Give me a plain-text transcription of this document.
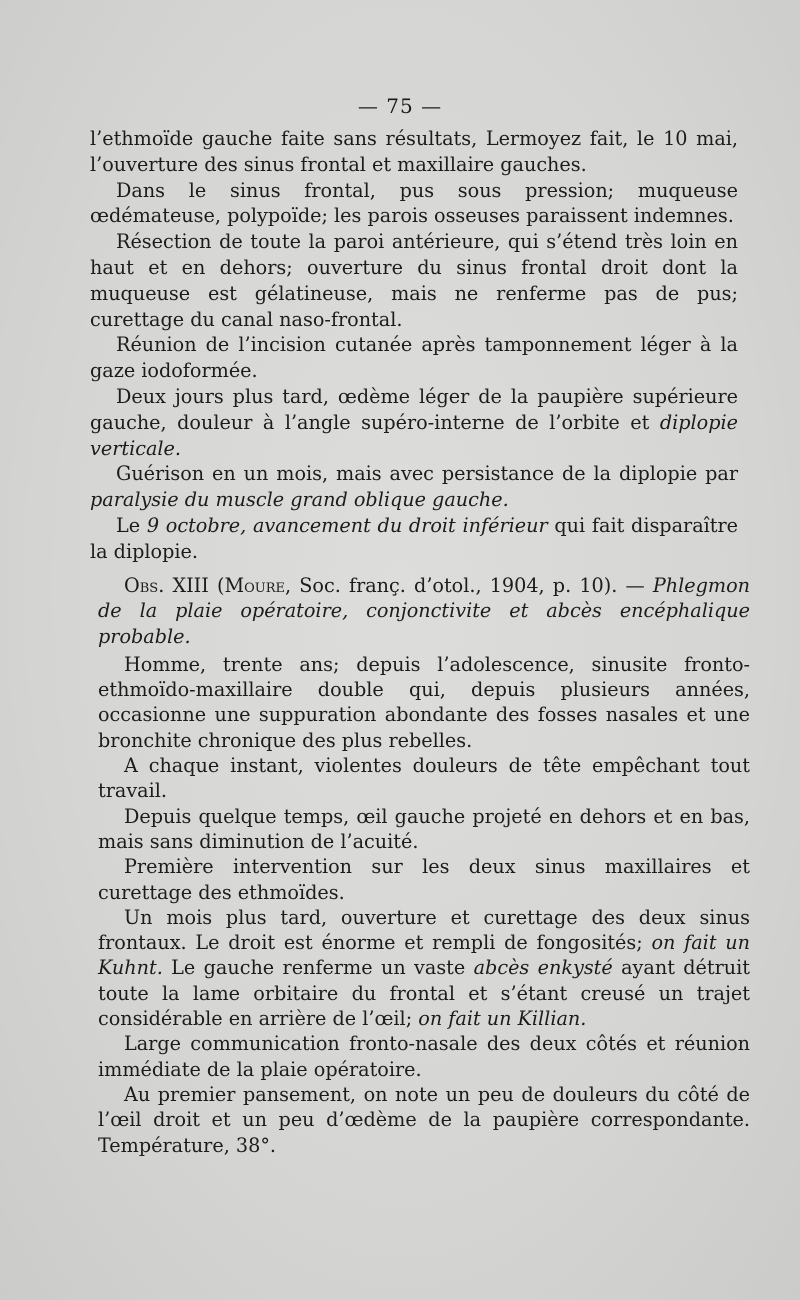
— 75 —

l’ethmoïde gauche faite sans résultats, Lermoyez fait, le 10 mai, l’ouverture des sinus frontal et maxillaire gauches.

Dans le sinus frontal, pus sous pression; muqueuse œdémateuse, polypoïde; les parois osseuses paraissent indemnes.

Résection de toute la paroi antérieure, qui s’étend très loin en haut et en dehors; ouverture du sinus frontal droit dont la muqueuse est gélatineuse, mais ne renferme pas de pus; curettage du canal naso-frontal.

Réunion de l’incision cutanée après tamponnement léger à la gaze iodoformée.

Deux jours plus tard, œdème léger de la paupière supérieure gauche, douleur à l’angle supéro-interne de l’orbite et diplopie verticale.

Guérison en un mois, mais avec persistance de la diplopie par paralysie du muscle grand oblique gauche.

Le 9 octobre, avancement du droit inférieur qui fait disparaître la diplopie.

Obs. XIII (Moure, Soc. franç. d’otol., 1904, p. 10). — Phlegmon de la plaie opératoire, conjonctivite et abcès encéphalique probable.

Homme, trente ans; depuis l’adolescence, sinusite fronto-ethmoïdo-maxillaire double qui, depuis plusieurs années, occasionne une suppuration abondante des fosses nasales et une bronchite chronique des plus rebelles.

A chaque instant, violentes douleurs de tête empêchant tout travail.

Depuis quelque temps, œil gauche projeté en dehors et en bas, mais sans diminution de l’acuité.

Première intervention sur les deux sinus maxillaires et curettage des ethmoïdes.

Un mois plus tard, ouverture et curettage des deux sinus frontaux. Le droit est énorme et rempli de fongosités; on fait un Kuhnt. Le gauche renferme un vaste abcès enkysté ayant détruit toute la lame orbitaire du frontal et s’étant creusé un trajet considérable en arrière de l’œil; on fait un Killian.

Large communication fronto-nasale des deux côtés et réunion immédiate de la plaie opératoire.

Au premier pansement, on note un peu de douleurs du côté de l’œil droit et un peu d’œdème de la paupière correspondante. Température, 38°.
